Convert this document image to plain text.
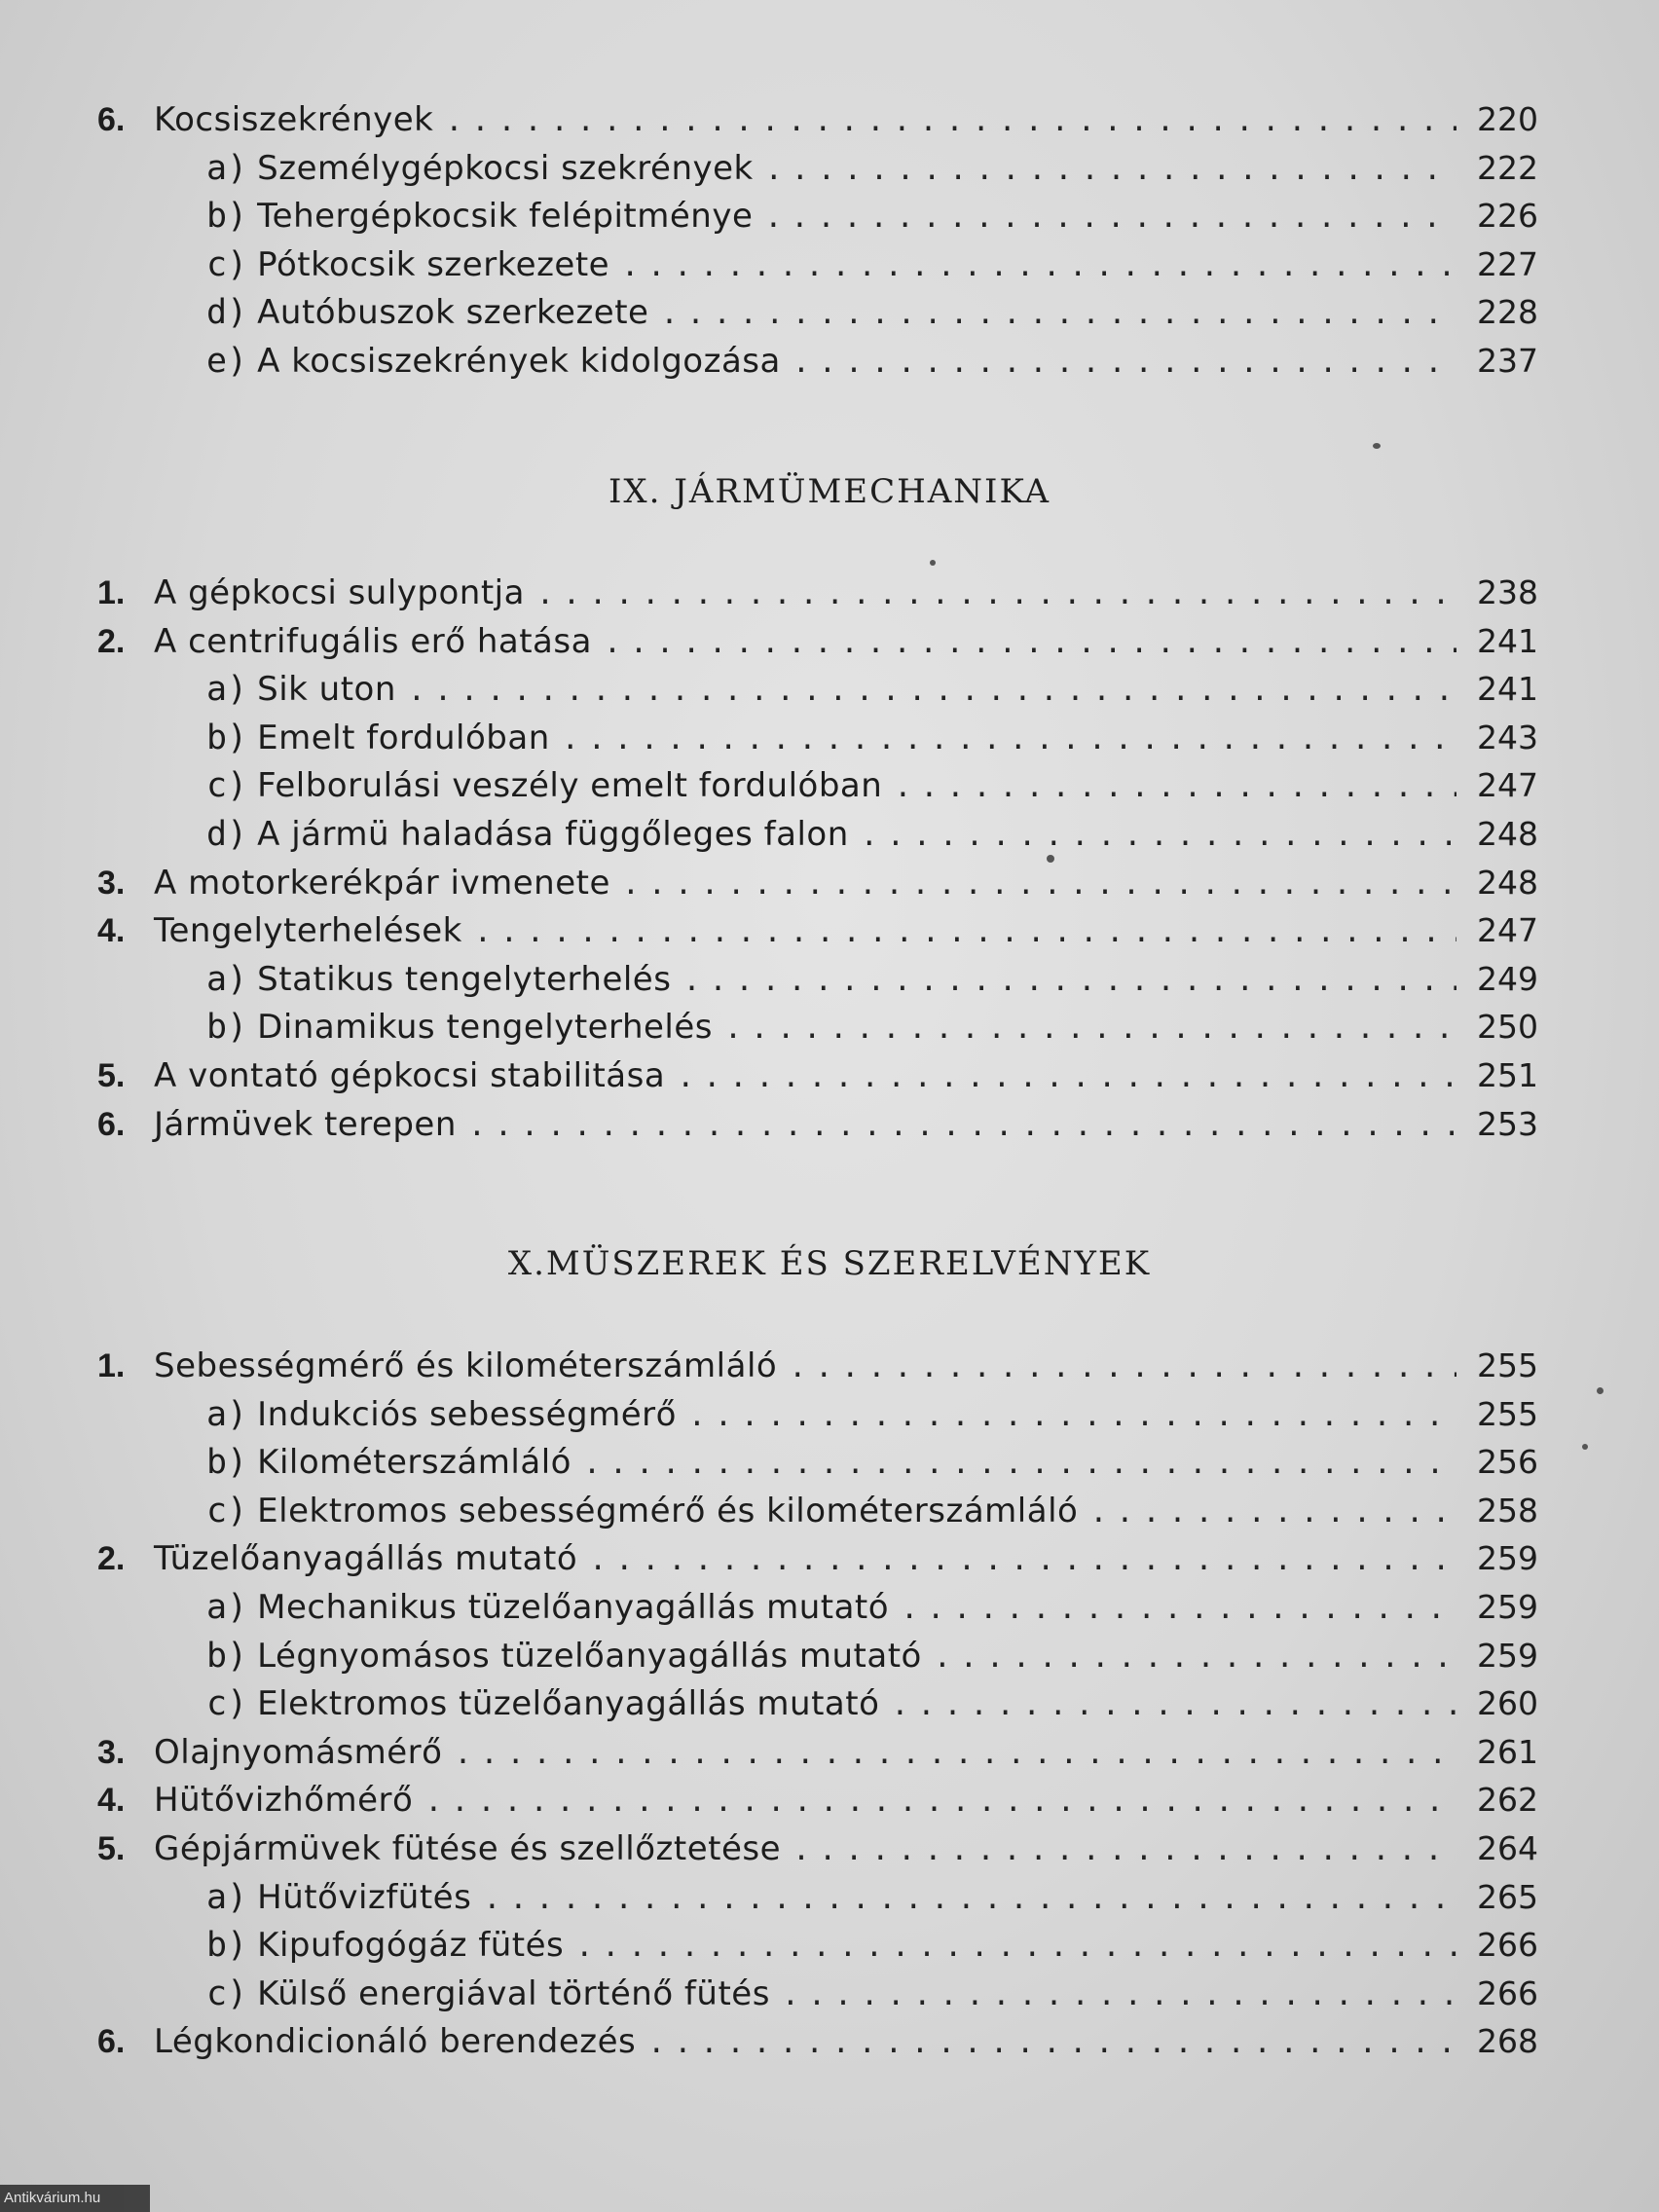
6. Kocsiszekrények .....	220
a) Személygépkocsi szekrények .....	222
b) Tehergépkocsik felépitménye .....	226
c) Pótkocsik szerkezete .....	227
d) Autóbuszok szerkezete .....	228
e) A kocsiszekrények kidolgozása .....	237
IX. JÁRMÜMECHANIKA
1. A gépkocsi sulypontja .....	238
2. A centrifugális erő hatása .....	241
a) Sik uton .....	241
b) Emelt fordulóban .....	243
c) Felborulási veszély emelt fordulóban .....	247
d) A jármü haladása függőleges falon .....	248
3. A motorkerékpár ivmenete .....	248
4. Tengelyterhelések .....	247
a) Statikus tengelyterhelés .....	249
b) Dinamikus tengelyterhelés .....	250
5. A vontató gépkocsi stabilitása .....	251
6. Jármüvek terepen .....	253
X.MÜSZEREK ÉS SZERELVÉNYEK
1. Sebességmérő és kilométerszámláló .....	255
a) Indukciós sebességmérő .....	255
b) Kilométerszámláló .....	256
c) Elektromos sebességmérő és kilométerszámláló .....	258
2. Tüzelőanyagállás mutató .....	259
a) Mechanikus tüzelőanyagállás mutató .....	259
b) Légnyomásos tüzelőanyagállás mutató .....	259
c) Elektromos tüzelőanyagállás mutató .....	260
3. Olajnyomásmérő .....	261
4. Hütővizhőmérő .....	262
5. Gépjármüvek fütése és szellőztetése .....	264
a) Hütővizfütés .....	265
b) Kipufogógáz fütés .....	266
c) Külső energiával történő fütés .....	266
6. Légkondicionáló berendezés .....	268
Antikvárium.hu
